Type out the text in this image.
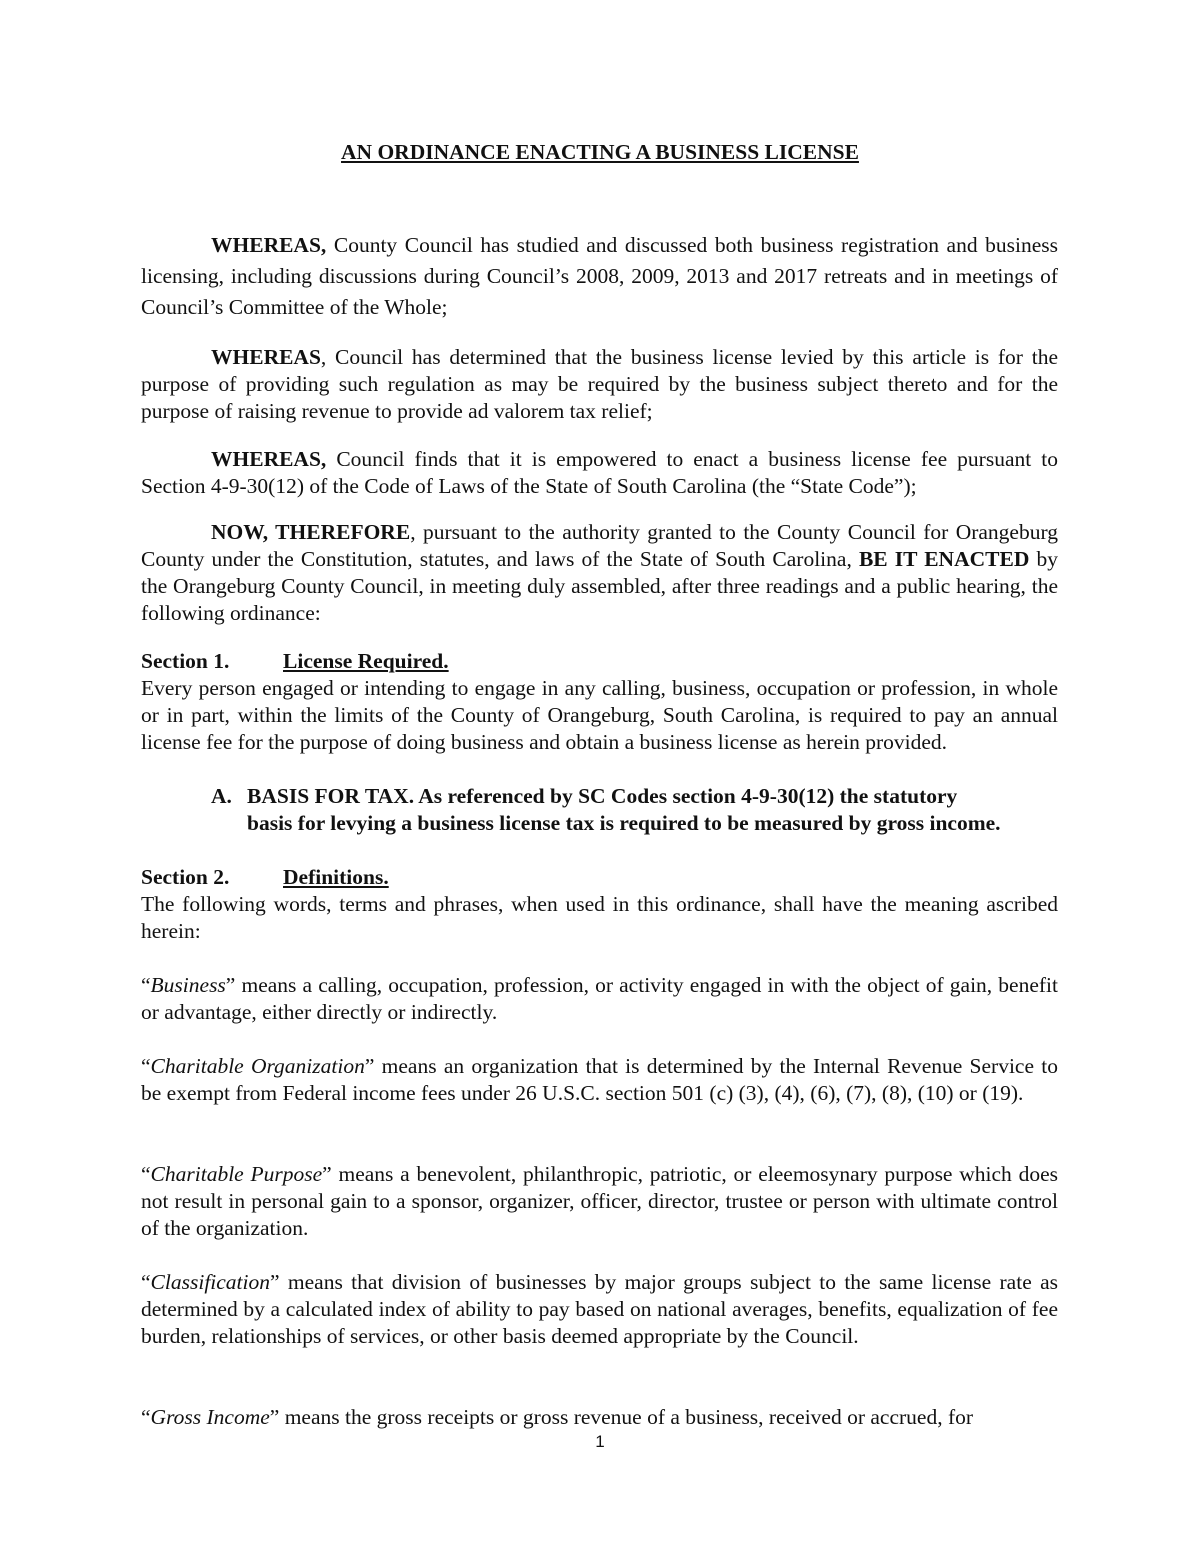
AN ORDINANCE ENACTING A BUSINESS LICENSE

WHEREAS, County Council has studied and discussed both business registration and business licensing, including discussions during Council’s 2008, 2009, 2013 and 2017 retreats and in meetings of Council’s Committee of the Whole;

WHEREAS, Council has determined that the business license levied by this article is for the purpose of providing such regulation as may be required by the business subject thereto and for the purpose of raising revenue to provide ad valorem tax relief;

WHEREAS, Council finds that it is empowered to enact a business license fee pursuant to Section 4-9-30(12) of the Code of Laws of the State of South Carolina (the “State Code”);

NOW, THEREFORE, pursuant to the authority granted to the County Council for Orangeburg County under the Constitution, statutes, and laws of the State of South Carolina, BE IT ENACTED by the Orangeburg County Council, in meeting duly assembled, after three readings and a public hearing, the following ordinance:

Section 1. License Required.

Every person engaged or intending to engage in any calling, business, occupation or profession, in whole or in part, within the limits of the County of Orangeburg, South Carolina, is required to pay an annual license fee for the purpose of doing business and obtain a business license as herein provided.

A. BASIS FOR TAX. As referenced by SC Codes section 4-9-30(12) the statutory
basis for levying a business license tax is required to be measured by gross income.
Section 2. Definitions.

The following words, terms and phrases, when used in this ordinance, shall have the meaning ascribed herein:

“Business” means a calling, occupation, profession, or activity engaged in with the object of gain, benefit or advantage, either directly or indirectly.

“Charitable Organization” means an organization that is determined by the Internal Revenue Service to be exempt from Federal income fees under 26 U.S.C. section 501 (c) (3), (4), (6), (7), (8), (10) or (19).

“Charitable Purpose” means a benevolent, philanthropic, patriotic, or eleemosynary purpose which does not result in personal gain to a sponsor, organizer, officer, director, trustee or person with ultimate control of the organization.

“Classification” means that division of businesses by major groups subject to the same license rate as determined by a calculated index of ability to pay based on national averages, benefits, equalization of fee burden, relationships of services, or other basis deemed appropriate by the Council.

“Gross Income” means the gross receipts or gross revenue of a business, received or accrued, for

1
